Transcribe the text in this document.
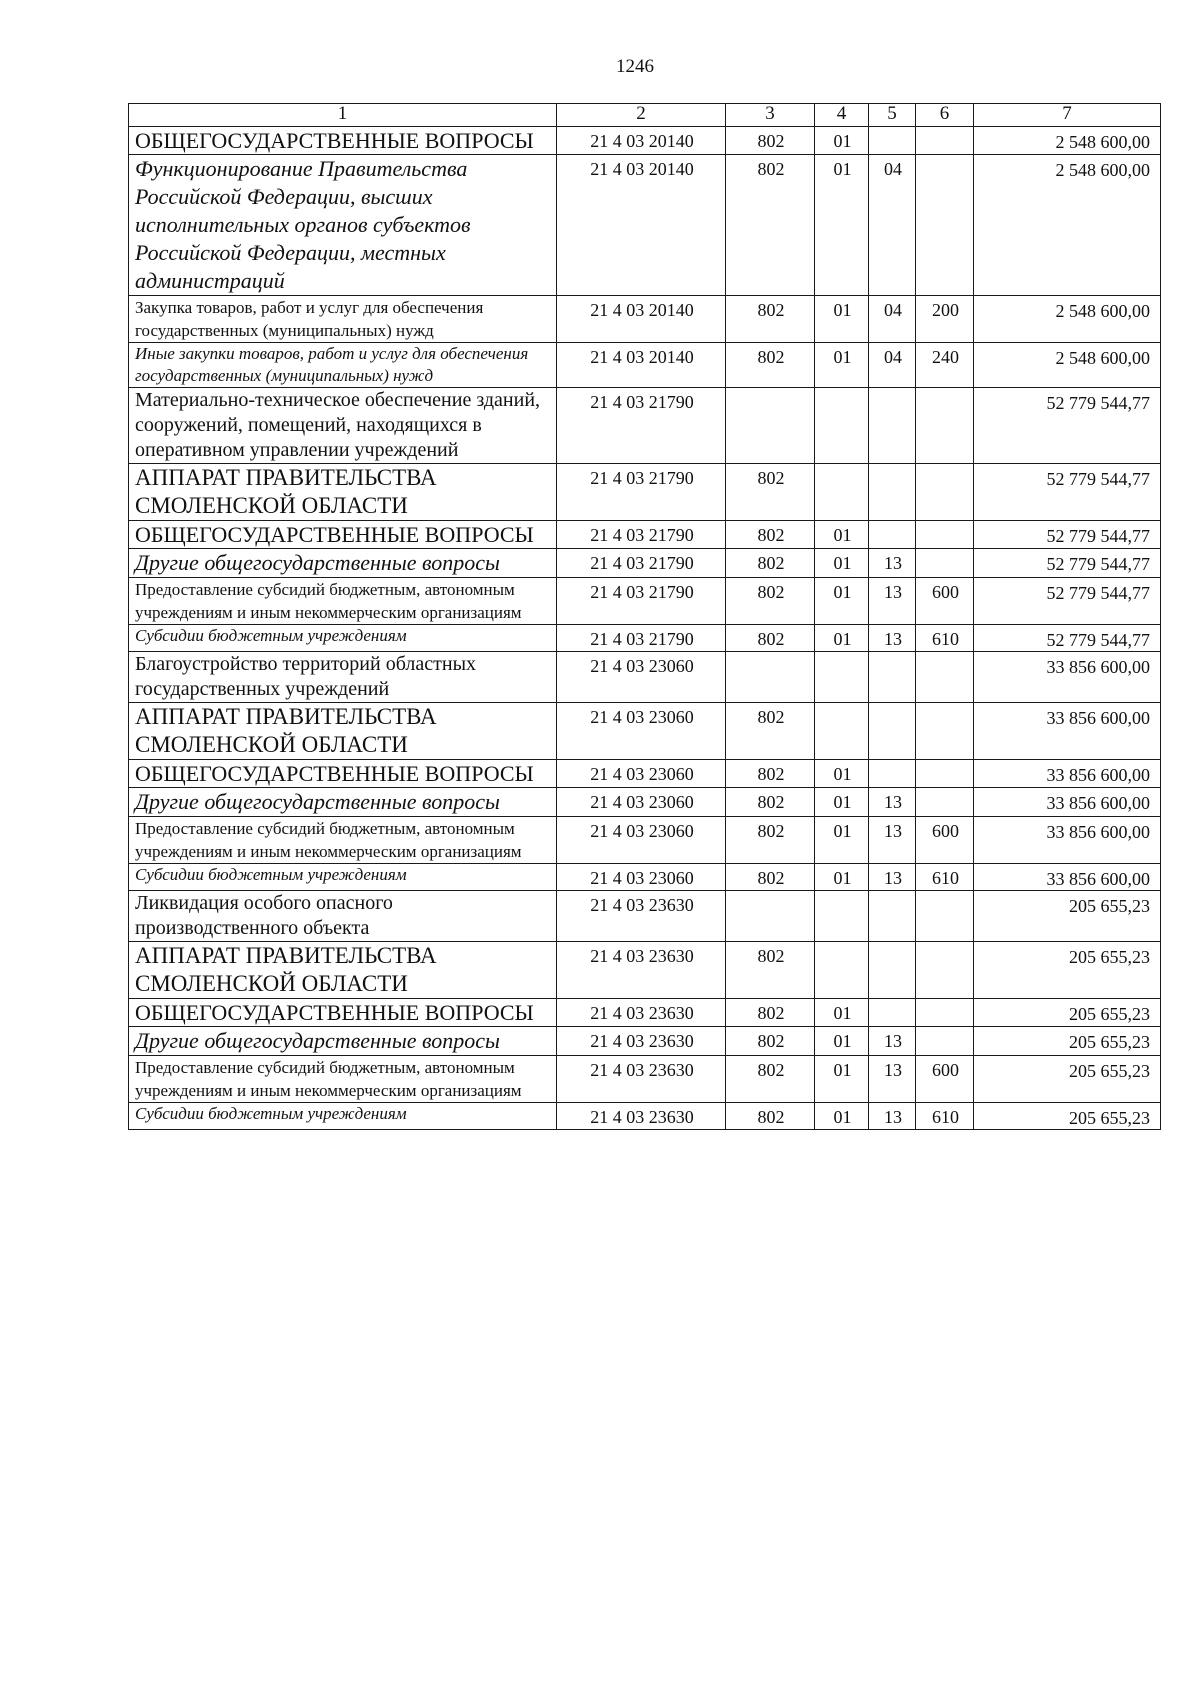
1246
1	2	3	4	5	6	7
ОБЩЕГОСУДАРСТВЕННЫЕ ВОПРОСЫ	21 4 03 20140	802	01			2 548 600,00
Функционирование Правительства Российской Федерации, высших исполнительных органов субъектов Российской Федерации, местных администраций	21 4 03 20140	802	01	04		2 548 600,00
Закупка товаров, работ и услуг для обеспечения государственных (муниципальных) нужд	21 4 03 20140	802	01	04	200	2 548 600,00
Иные закупки товаров, работ и услуг для обеспечения государственных (муниципальных) нужд	21 4 03 20140	802	01	04	240	2 548 600,00
Материально-техническое обеспечение зданий, сооружений, помещений, находящихся в оперативном управлении учреждений	21 4 03 21790					52 779 544,77
АППАРАТ ПРАВИТЕЛЬСТВА СМОЛЕНСКОЙ ОБЛАСТИ	21 4 03 21790	802				52 779 544,77
ОБЩЕГОСУДАРСТВЕННЫЕ ВОПРОСЫ	21 4 03 21790	802	01			52 779 544,77
Другие общегосударственные вопросы	21 4 03 21790	802	01	13		52 779 544,77
Предоставление субсидий бюджетным, автономным учреждениям и иным некоммерческим организациям	21 4 03 21790	802	01	13	600	52 779 544,77
Субсидии бюджетным учреждениям	21 4 03 21790	802	01	13	610	52 779 544,77
Благоустройство территорий областных государственных учреждений	21 4 03 23060					33 856 600,00
АППАРАТ ПРАВИТЕЛЬСТВА СМОЛЕНСКОЙ ОБЛАСТИ	21 4 03 23060	802				33 856 600,00
ОБЩЕГОСУДАРСТВЕННЫЕ ВОПРОСЫ	21 4 03 23060	802	01			33 856 600,00
Другие общегосударственные вопросы	21 4 03 23060	802	01	13		33 856 600,00
Предоставление субсидий бюджетным, автономным учреждениям и иным некоммерческим организациям	21 4 03 23060	802	01	13	600	33 856 600,00
Субсидии бюджетным учреждениям	21 4 03 23060	802	01	13	610	33 856 600,00
Ликвидация особого опасного производственного объекта	21 4 03 23630					205 655,23
АППАРАТ ПРАВИТЕЛЬСТВА СМОЛЕНСКОЙ ОБЛАСТИ	21 4 03 23630	802				205 655,23
ОБЩЕГОСУДАРСТВЕННЫЕ ВОПРОСЫ	21 4 03 23630	802	01			205 655,23
Другие общегосударственные вопросы	21 4 03 23630	802	01	13		205 655,23
Предоставление субсидий бюджетным, автономным учреждениям и иным некоммерческим организациям	21 4 03 23630	802	01	13	600	205 655,23
Субсидии бюджетным учреждениям	21 4 03 23630	802	01	13	610	205 655,23
